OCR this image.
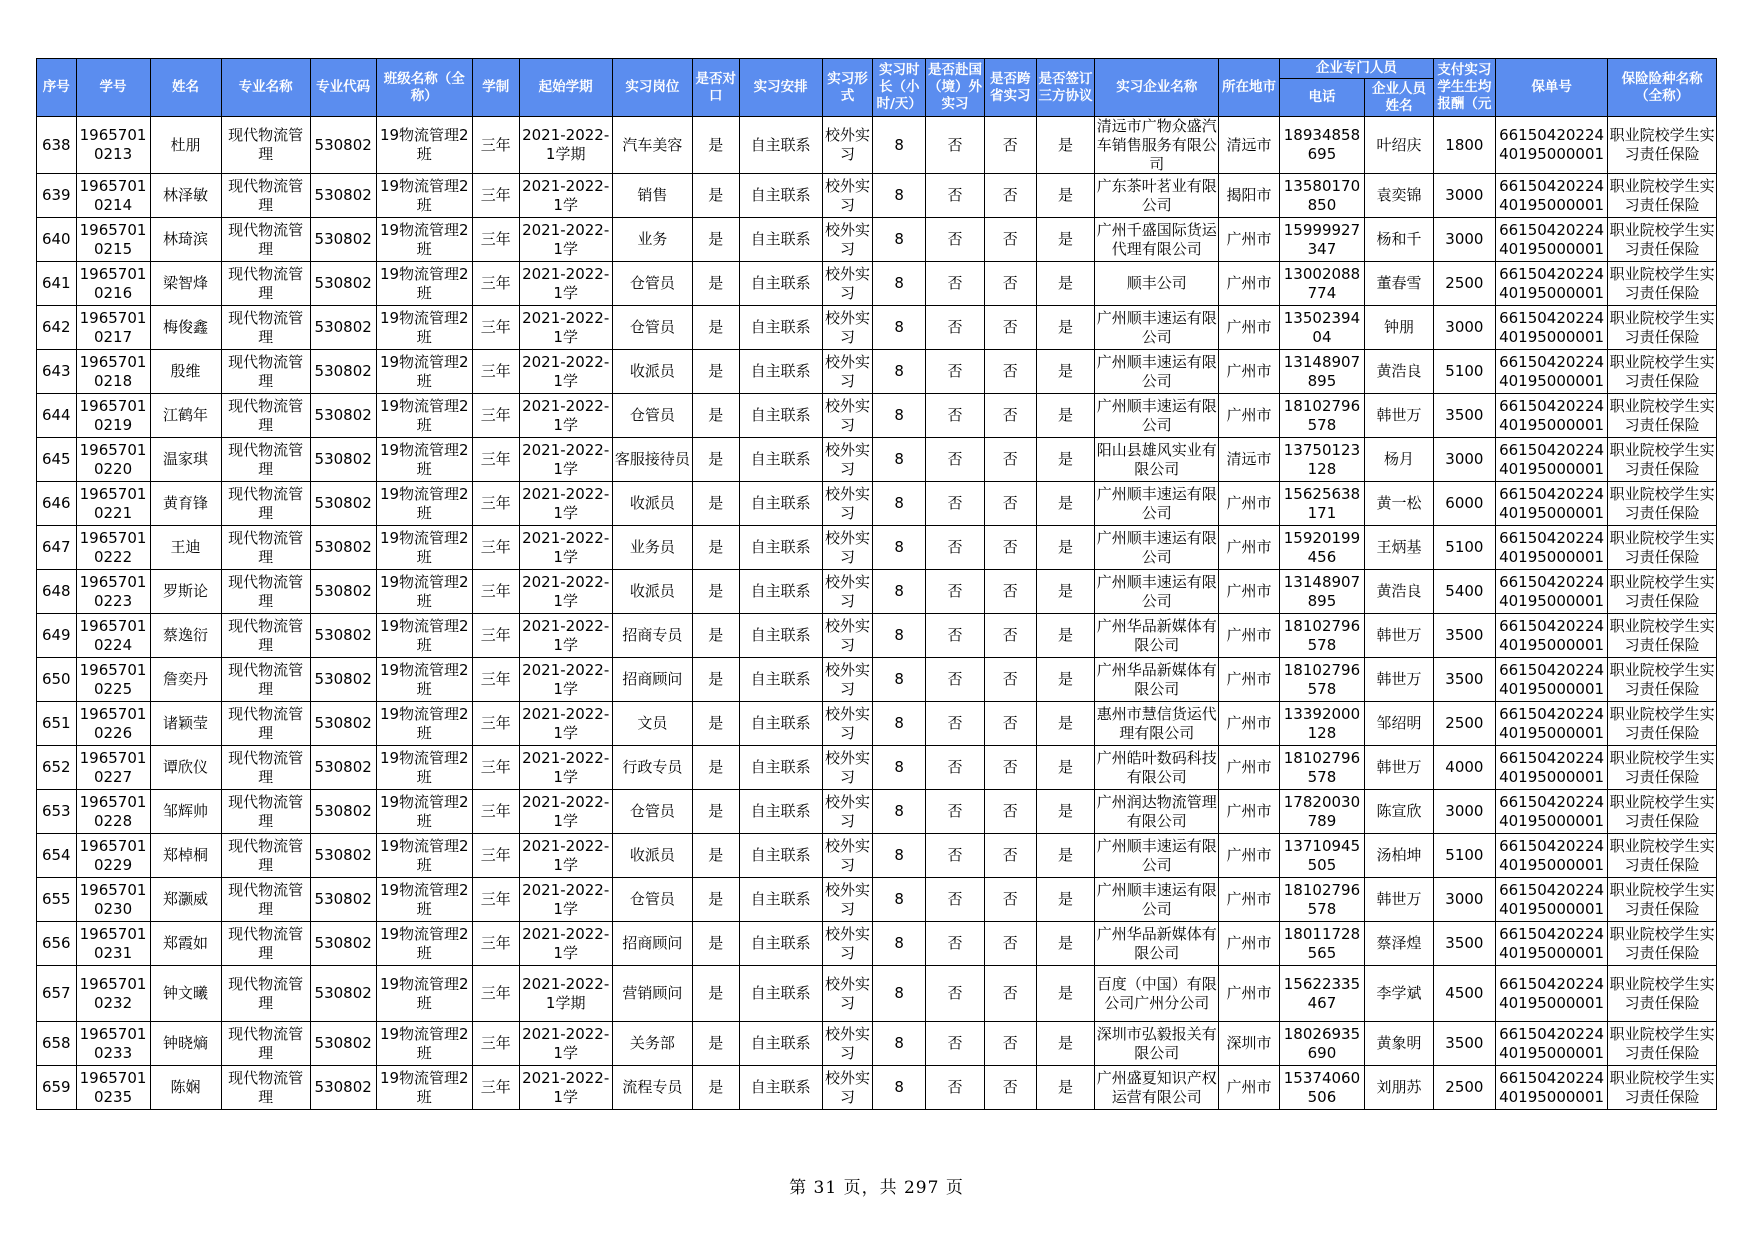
序号	学号	姓名	专业名称	专业代码	班级名称（全称）	学制	起始学期	实习岗位	是否对口	实习安排	实习形式	实习时长（小时/天）	是否赴国（境）外实习	是否跨省实习	是否签订三方协议	实习企业名称	所在地市	企业专门人员		支付实习学生生均报酬（元	保单号	保险险种名称（全称）
																		电话	企业人员姓名			

638	19657010213	杜朋	现代物流管理	530802	19物流管理2班	三年	2021-2022-1学期	汽车美容	是	自主联系	校外实习	8	否	否	是	清远市广物众盛汽车销售服务有限公司	清远市	18934858695	叶绍庆	1800	6615042022440195000001	职业院校学生实习责任保险

639	19657010214	林泽敏	现代物流管理	530802	19物流管理2班	三年	2021-2022-1学	销售	是	自主联系	校外实习	8	否	否	是	广东茶叶茗业有限公司	揭阳市	13580170850	袁奕锦	3000	6615042022440195000001	职业院校学生实习责任保险

640	19657010215	林琦滨	现代物流管理	530802	19物流管理2班	三年	2021-2022-1学	业务	是	自主联系	校外实习	8	否	否	是	广州千盛国际货运代理有限公司	广州市	15999927347	杨和千	3000	6615042022440195000001	职业院校学生实习责任保险

641	19657010216	梁智烽	现代物流管理	530802	19物流管理2班	三年	2021-2022-1学	仓管员	是	自主联系	校外实习	8	否	否	是	顺丰公司	广州市	13002088774	董春雪	2500	6615042022440195000001	职业院校学生实习责任保险

642	19657010217	梅俊鑫	现代物流管理	530802	19物流管理2班	三年	2021-2022-1学	仓管员	是	自主联系	校外实习	8	否	否	是	广州顺丰速运有限公司	广州市	1350239404	钟朋	3000	6615042022440195000001	职业院校学生实习责任保险

643	19657010218	殷维	现代物流管理	530802	19物流管理2班	三年	2021-2022-1学	收派员	是	自主联系	校外实习	8	否	否	是	广州顺丰速运有限公司	广州市	13148907895	黄浩良	5100	6615042022440195000001	职业院校学生实习责任保险

644	19657010219	江鹤年	现代物流管理	530802	19物流管理2班	三年	2021-2022-1学	仓管员	是	自主联系	校外实习	8	否	否	是	广州顺丰速运有限公司	广州市	18102796578	韩世万	3500	6615042022440195000001	职业院校学生实习责任保险

645	19657010220	温家琪	现代物流管理	530802	19物流管理2班	三年	2021-2022-1学	客服接待员	是	自主联系	校外实习	8	否	否	是	阳山县雄风实业有限公司	清远市	13750123128	杨月	3000	6615042022440195000001	职业院校学生实习责任保险

646	19657010221	黄育锋	现代物流管理	530802	19物流管理2班	三年	2021-2022-1学	收派员	是	自主联系	校外实习	8	否	否	是	广州顺丰速运有限公司	广州市	15625638171	黄一松	6000	6615042022440195000001	职业院校学生实习责任保险

647	19657010222	王迪	现代物流管理	530802	19物流管理2班	三年	2021-2022-1学	业务员	是	自主联系	校外实习	8	否	否	是	广州顺丰速运有限公司	广州市	15920199456	王炳基	5100	6615042022440195000001	职业院校学生实习责任保险

648	19657010223	罗斯论	现代物流管理	530802	19物流管理2班	三年	2021-2022-1学	收派员	是	自主联系	校外实习	8	否	否	是	广州顺丰速运有限公司	广州市	13148907895	黄浩良	5400	6615042022440195000001	职业院校学生实习责任保险

649	19657010224	蔡逸衍	现代物流管理	530802	19物流管理2班	三年	2021-2022-1学	招商专员	是	自主联系	校外实习	8	否	否	是	广州华品新媒体有限公司	广州市	18102796578	韩世万	3500	6615042022440195000001	职业院校学生实习责任保险

650	19657010225	詹奕丹	现代物流管理	530802	19物流管理2班	三年	2021-2022-1学	招商顾问	是	自主联系	校外实习	8	否	否	是	广州华品新媒体有限公司	广州市	18102796578	韩世万	3500	6615042022440195000001	职业院校学生实习责任保险

651	19657010226	诸颖莹	现代物流管理	530802	19物流管理2班	三年	2021-2022-1学	文员	是	自主联系	校外实习	8	否	否	是	惠州市慧信货运代理有限公司	广州市	13392000128	邹绍明	2500	6615042022440195000001	职业院校学生实习责任保险

652	19657010227	谭欣仪	现代物流管理	530802	19物流管理2班	三年	2021-2022-1学	行政专员	是	自主联系	校外实习	8	否	否	是	广州皓叶数码科技有限公司	广州市	18102796578	韩世万	4000	6615042022440195000001	职业院校学生实习责任保险

653	19657010228	邹辉帅	现代物流管理	530802	19物流管理2班	三年	2021-2022-1学	仓管员	是	自主联系	校外实习	8	否	否	是	广州润达物流管理有限公司	广州市	17820030789	陈宣欣	3000	6615042022440195000001	职业院校学生实习责任保险

654	19657010229	郑棹桐	现代物流管理	530802	19物流管理2班	三年	2021-2022-1学	收派员	是	自主联系	校外实习	8	否	否	是	广州顺丰速运有限公司	广州市	13710945505	汤柏坤	5100	6615042022440195000001	职业院校学生实习责任保险

655	19657010230	郑灏威	现代物流管理	530802	19物流管理2班	三年	2021-2022-1学	仓管员	是	自主联系	校外实习	8	否	否	是	广州顺丰速运有限公司	广州市	18102796578	韩世万	3000	6615042022440195000001	职业院校学生实习责任保险

656	19657010231	郑霞如	现代物流管理	530802	19物流管理2班	三年	2021-2022-1学	招商顾问	是	自主联系	校外实习	8	否	否	是	广州华品新媒体有限公司	广州市	18011728565	蔡泽煌	3500	6615042022440195000001	职业院校学生实习责任保险

657	19657010232	钟文曦	现代物流管理	530802	19物流管理2班	三年	2021-2022-1学期	营销顾问	是	自主联系	校外实习	8	否	否	是	百度（中国）有限公司广州分公司	广州市	15622335467	李学斌	4500	6615042022440195000001	职业院校学生实习责任保险

658	19657010233	钟晓熵	现代物流管理	530802	19物流管理2班	三年	2021-2022-1学	关务部	是	自主联系	校外实习	8	否	否	是	深圳市弘毅报关有限公司	深圳市	18026935690	黄象明	3500	6615042022440195000001	职业院校学生实习责任保险

659	19657010235	陈娴	现代物流管理	530802	19物流管理2班	三年	2021-2022-1学	流程专员	是	自主联系	校外实习	8	否	否	是	广州盛夏知识产权运营有限公司	广州市	15374060506	刘朋苏	2500	6615042022440195000001	职业院校学生实习责任保险
第 31 页，共 297 页
